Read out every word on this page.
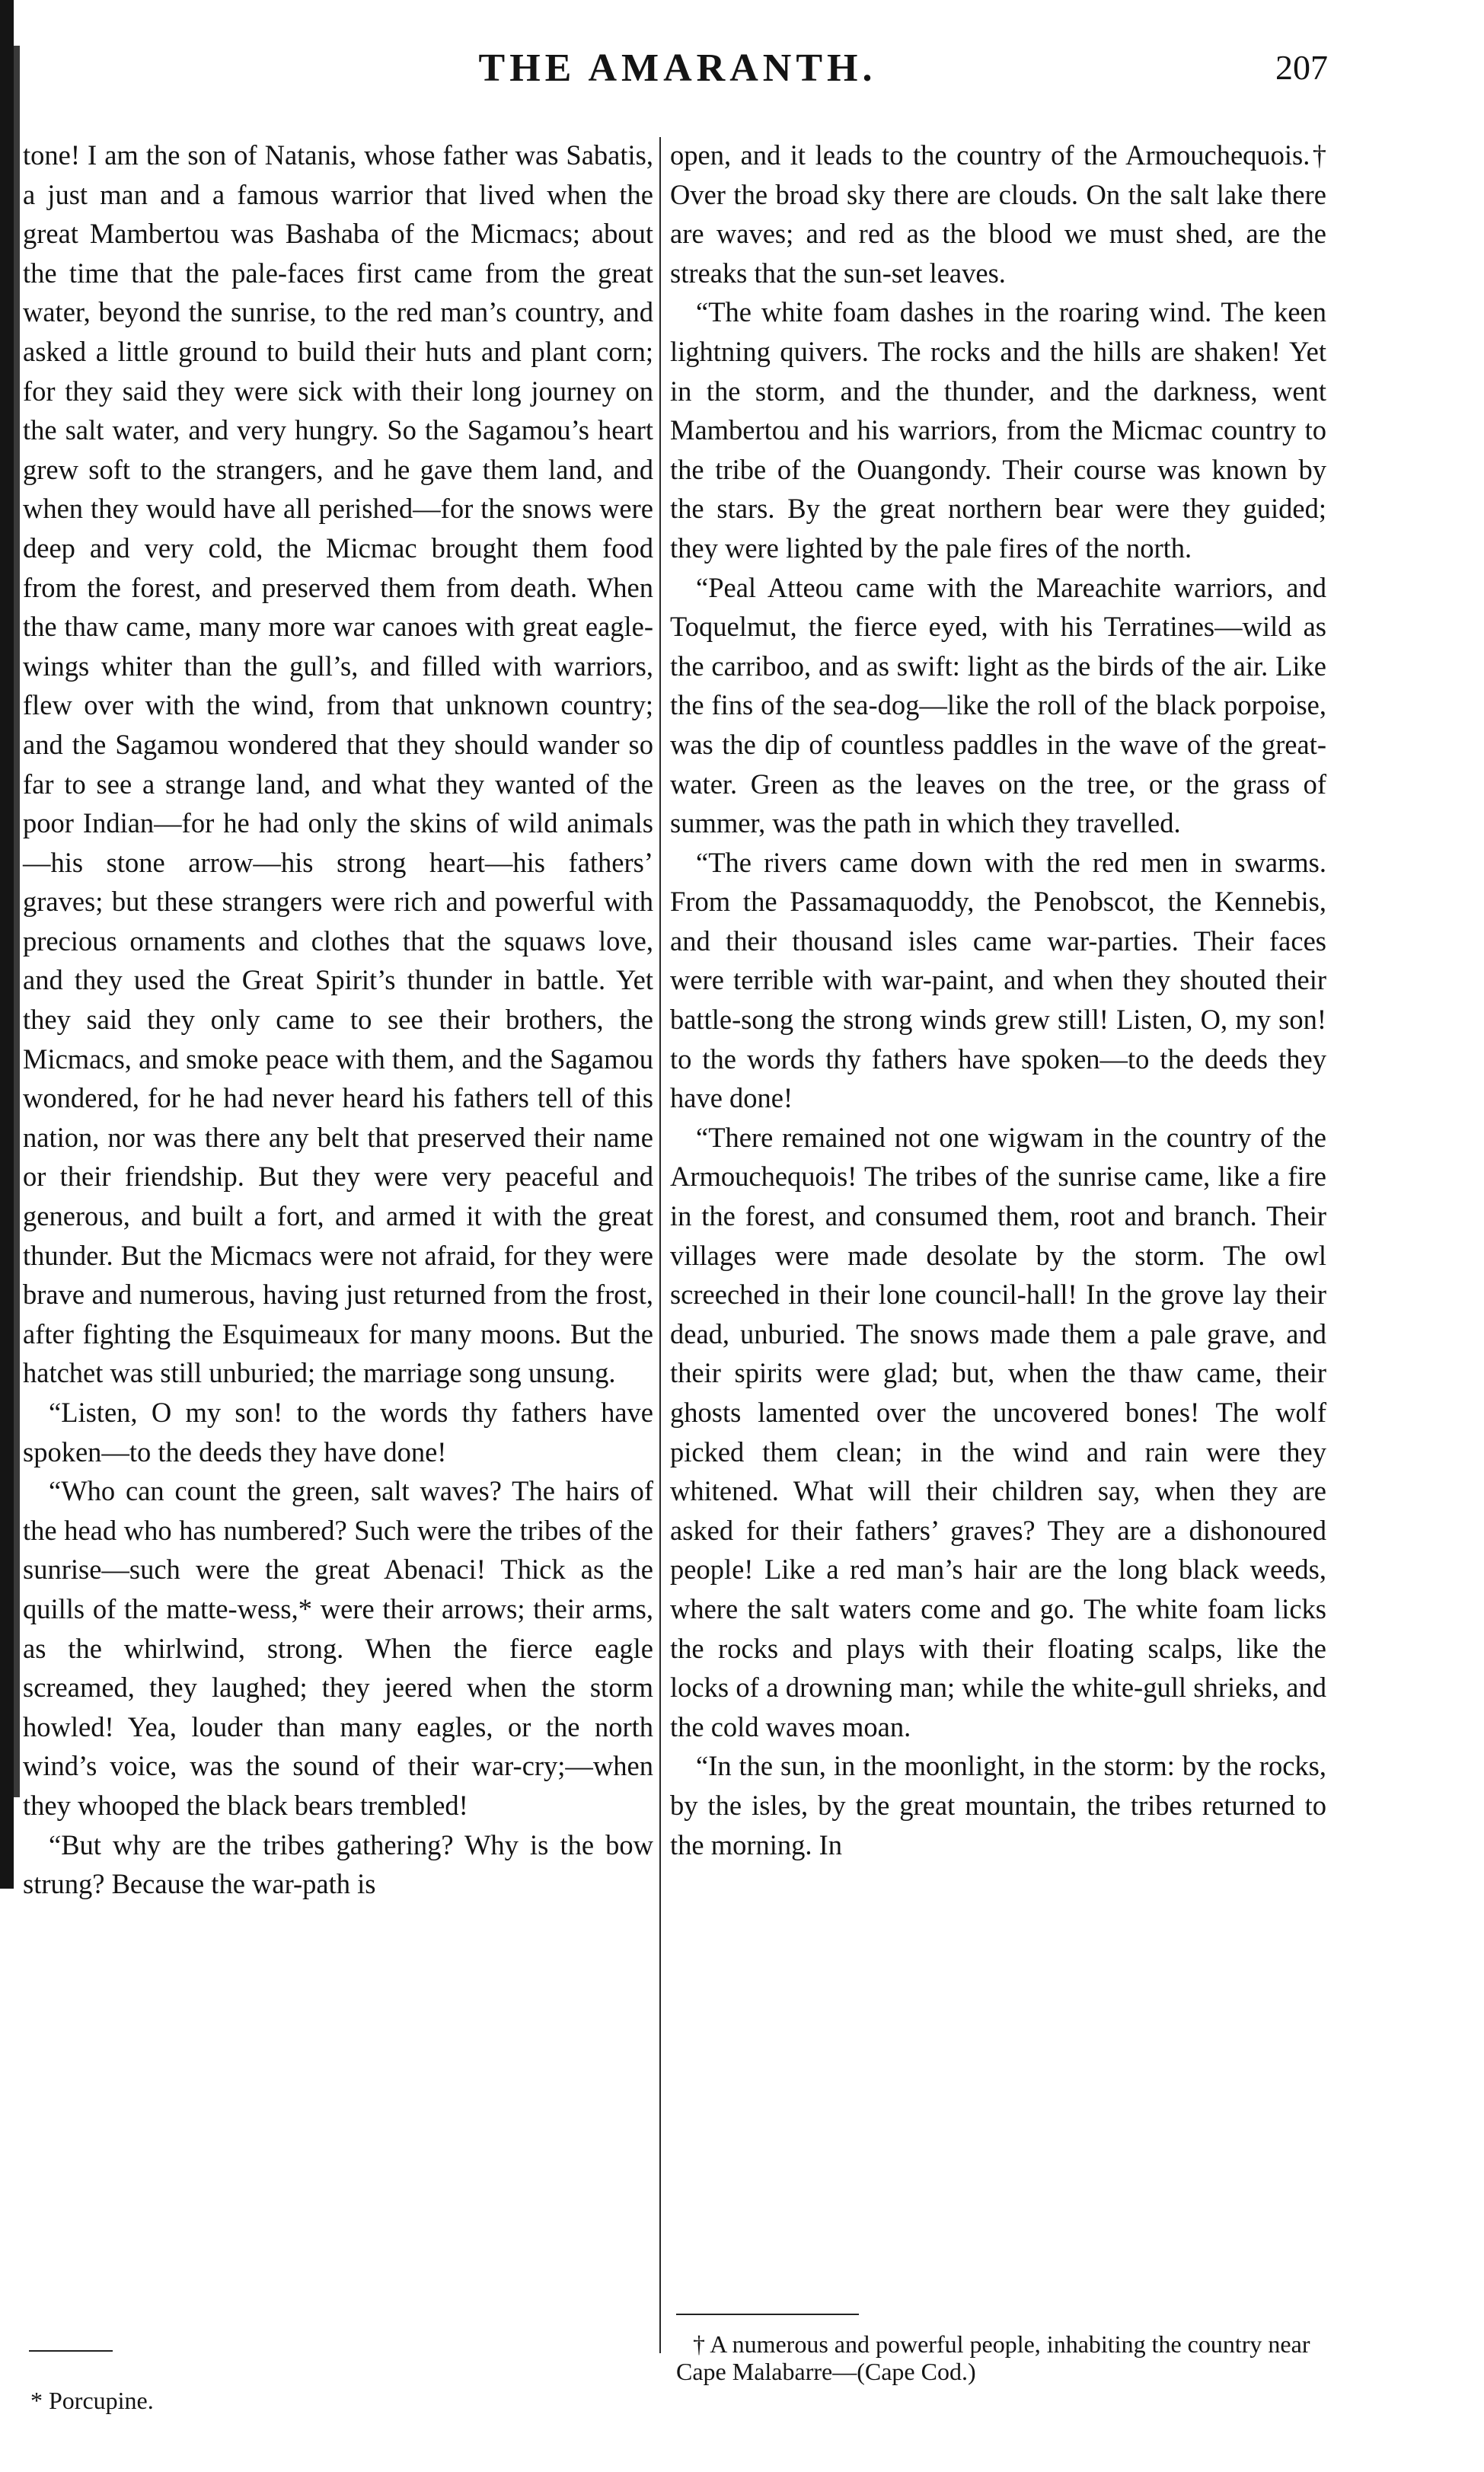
THE AMARANTH.	207

tone! I am the son of Natanis, whose father was Sabatis, a just man and a famous warrior that lived when the great Mambertou was Bashaba of the Micmacs; about the time that the pale-faces first came from the great water, beyond the sunrise, to the red man’s country, and asked a little ground to build their huts and plant corn; for they said they were sick with their long journey on the salt water, and very hungry. So the Sagamou’s heart grew soft to the strangers, and he gave them land, and when they would have all perished—for the snows were deep and very cold, the Micmac brought them food from the forest, and preserved them from death. When the thaw came, many more war canoes with great eagle-wings whiter than the gull’s, and filled with warriors, flew over with the wind, from that unknown country; and the Sagamou wondered that they should wander so far to see a strange land, and what they wanted of the poor Indian—for he had only the skins of wild animals—his stone arrow—his strong heart—his fathers’ graves; but these strangers were rich and powerful with precious ornaments and clothes that the squaws love, and they used the Great Spirit’s thunder in battle. Yet they said they only came to see their brothers, the Micmacs, and smoke peace with them, and the Sagamou wondered, for he had never heard his fathers tell of this nation, nor was there any belt that preserved their name or their friendship. But they were very peaceful and generous, and built a fort, and armed it with the great thunder. But the Micmacs were not afraid, for they were brave and numerous, having just returned from the frost, after fighting the Esquimeaux for many moons. But the hatchet was still unburied; the marriage song unsung.

“Listen, O my son! to the words thy fathers have spoken—to the deeds they have done!

“Who can count the green, salt waves? The hairs of the head who has numbered? Such were the tribes of the sunrise—such were the great Abenaci! Thick as the quills of the matte-wess,* were their arrows; their arms, as the whirlwind, strong. When the fierce eagle screamed, they laughed; they jeered when the storm howled! Yea, louder than many eagles, or the north wind’s voice, was the sound of their war-cry;—when they whooped the black bears trembled!

“But why are the tribes gathering? Why is the bow strung? Because the war-path is

open, and it leads to the country of the Armouchequois.† Over the broad sky there are clouds. On the salt lake there are waves; and red as the blood we must shed, are the streaks that the sun-set leaves.

“The white foam dashes in the roaring wind. The keen lightning quivers. The rocks and the hills are shaken! Yet in the storm, and the thunder, and the darkness, went Mambertou and his warriors, from the Micmac country to the tribe of the Ouangondy. Their course was known by the stars. By the great northern bear were they guided; they were lighted by the pale fires of the north.

“Peal Atteou came with the Mareachite warriors, and Toquelmut, the fierce eyed, with his Terratines—wild as the carriboo, and as swift: light as the birds of the air. Like the fins of the sea-dog—like the roll of the black porpoise, was the dip of countless paddles in the wave of the great-water. Green as the leaves on the tree, or the grass of summer, was the path in which they travelled.

“The rivers came down with the red men in swarms. From the Passamaquoddy, the Penobscot, the Kennebis, and their thousand isles came war-parties. Their faces were terrible with war-paint, and when they shouted their battle-song the strong winds grew still! Listen, O, my son! to the words thy fathers have spoken—to the deeds they have done!

“There remained not one wigwam in the country of the Armouchequois! The tribes of the sunrise came, like a fire in the forest, and consumed them, root and branch. Their villages were made desolate by the storm. The owl screeched in their lone council-hall! In the grove lay their dead, unburied. The snows made them a pale grave, and their spirits were glad; but, when the thaw came, their ghosts lamented over the uncovered bones! The wolf picked them clean; in the wind and rain were they whitened. What will their children say, when they are asked for their fathers’ graves? They are a dishonoured people! Like a red man’s hair are the long black weeds, where the salt waters come and go. The white foam licks the rocks and plays with their floating scalps, like the locks of a drowning man; while the white-gull shrieks, and the cold waves moan.

“In the sun, in the moonlight, in the storm: by the rocks, by the isles, by the great mountain, the tribes returned to the morning. In

* Porcupine.
† A numerous and powerful people, inhabiting the country near Cape Malabarre—(Cape Cod.)
